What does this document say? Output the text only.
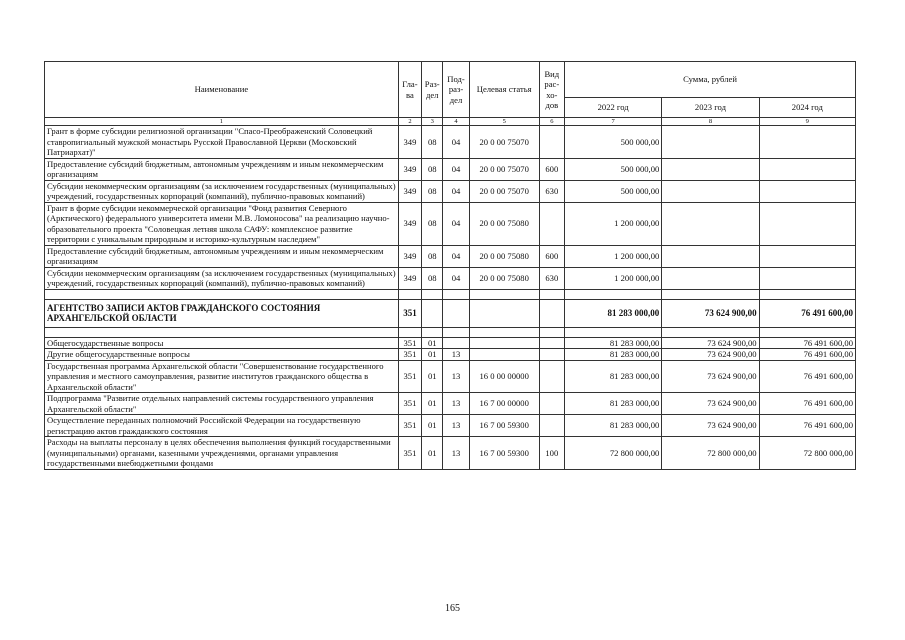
Наименование	Гла-ва	Раз-дел	Под-раз-дел	Целевая статья	Вид рас-хо-дов	Сумма, рублей		
						2022 год	2023 год	2024 год
1	2	3	4	5	6	7	8	9
Грант в форме субсидии религиозной организации "Спасо-Преображенский Соловецкий ставропигиальный мужской монастырь Русской Православной Церкви (Московский Патриархат)"	349	08	04	20 0 00 75070		500 000,00		
Предоставление субсидий бюджетным, автономным учреждениям и иным некоммерческим организациям	349	08	04	20 0 00 75070	600	500 000,00		
Субсидии некоммерческим организациям (за исключением государственных (муниципальных) учреждений, государственных корпораций (компаний), публично-правовых компаний)	349	08	04	20 0 00 75070	630	500 000,00		
Грант в форме субсидии некоммерческой организации "Фонд развития Северного (Арктического) федерального университета имени М.В. Ломоносова" на реализацию научно-образовательного проекта "Соловецкая летняя школа САФУ: комплексное развитие территории с уникальным природным и историко-культурным наследием"	349	08	04	20 0 00 75080		1 200 000,00		
Предоставление субсидий бюджетным, автономным учреждениям и иным некоммерческим организациям	349	08	04	20 0 00 75080	600	1 200 000,00		
Субсидии некоммерческим организациям (за исключением государственных (муниципальных) учреждений, государственных корпораций (компаний), публично-правовых компаний)	349	08	04	20 0 00 75080	630	1 200 000,00		

АГЕНТСТВО ЗАПИСИ АКТОВ ГРАЖДАНСКОГО СОСТОЯНИЯ АРХАНГЕЛЬСКОЙ ОБЛАСТИ	351					81 283 000,00	73 624 900,00	76 491 600,00

Общегосударственные вопросы	351	01				81 283 000,00	73 624 900,00	76 491 600,00
Другие общегосударственные вопросы	351	01	13			81 283 000,00	73 624 900,00	76 491 600,00
Государственная программа Архангельской области "Совершенствование государственного управления и местного самоуправления, развитие институтов гражданского общества в Архангельской области"	351	01	13	16 0 00 00000		81 283 000,00	73 624 900,00	76 491 600,00
Подпрограмма "Развитие отдельных направлений системы государственного управления Архангельской области"	351	01	13	16 7 00 00000		81 283 000,00	73 624 900,00	76 491 600,00
Осуществление переданных полномочий Российской Федерации на государственную регистрацию актов гражданского состояния	351	01	13	16 7 00 59300		81 283 000,00	73 624 900,00	76 491 600,00
Расходы на выплаты персоналу в целях обеспечения выполнения функций государственными (муниципальными) органами, казенными учреждениями, органами управления государственными внебюджетными фондами	351	01	13	16 7 00 59300	100	72 800 000,00	72 800 000,00	72 800 000,00
165
